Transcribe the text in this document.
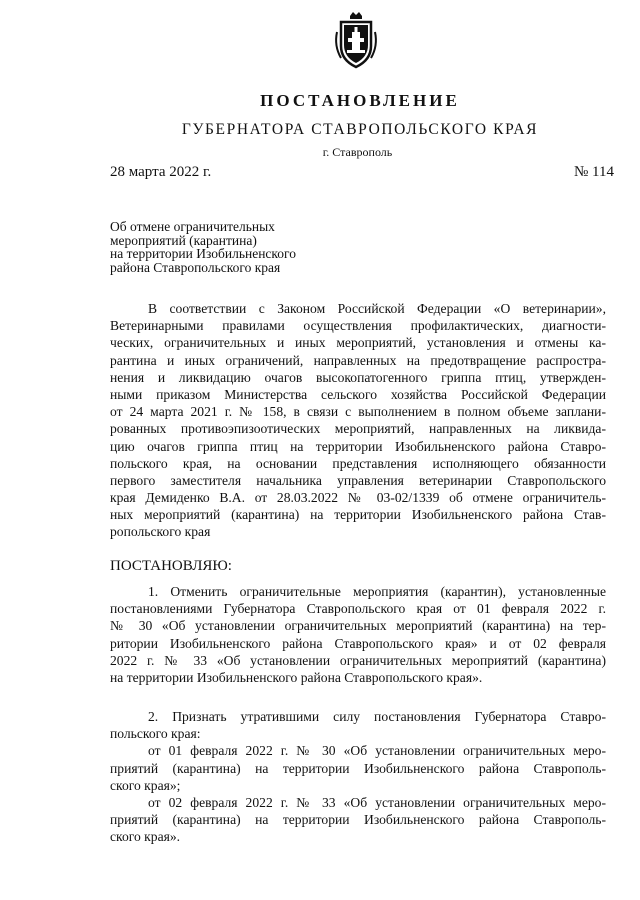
ПОСТАНОВЛЕНИЕ
ГУБЕРНАТОРА СТАВРОПОЛЬСКОГО КРАЯ
г. Ставрополь
28 марта 2022 г.	№ 114
Об отмене ограничительных
мероприятий (карантина)
на территории Изобильненского
района Ставропольского края
В соответствии с Законом Российской Федерации «О ветеринарии»,
Ветеринарными правилами осуществления профилактических, диагности-
ческих, ограничительных и иных мероприятий, установления и отмены ка-
рантина и иных ограничений, направленных на предотвращение распростра-
нения и ликвидацию очагов высокопатогенного гриппа птиц, утвержден-
ными приказом Министерства сельского хозяйства Российской Федерации
от 24 марта 2021 г. № 158, в связи с выполнением в полном объеме заплани-
рованных противоэпизоотических мероприятий, направленных на ликвида-
цию очагов гриппа птиц на территории Изобильненского района Ставро-
польского края, на основании представления исполняющего обязанности
первого заместителя начальника управления ветеринарии Ставропольского
края Демиденко В.А. от 28.03.2022 № 03-02/1339 об отмене ограничитель-
ных мероприятий (карантина) на территории Изобильненского района Став-
ропольского края
ПОСТАНОВЛЯЮ:
1. Отменить ограничительные мероприятия (карантин), установленные
постановлениями Губернатора Ставропольского края от 01 февраля 2022 г.
№ 30 «Об установлении ограничительных мероприятий (карантина) на тер-
ритории Изобильненского района Ставропольского края» и от 02 февраля
2022 г. № 33 «Об установлении ограничительных мероприятий (карантина)
на территории Изобильненского района Ставропольского края».
2. Признать утратившими силу постановления Губернатора Ставро-
польского края:
от 01 февраля 2022 г. № 30 «Об установлении ограничительных меро-
приятий (карантина) на территории Изобильненского района Ставрополь-
ского края»;
от 02 февраля 2022 г. № 33 «Об установлении ограничительных меро-
приятий (карантина) на территории Изобильненского района Ставрополь-
ского края».
